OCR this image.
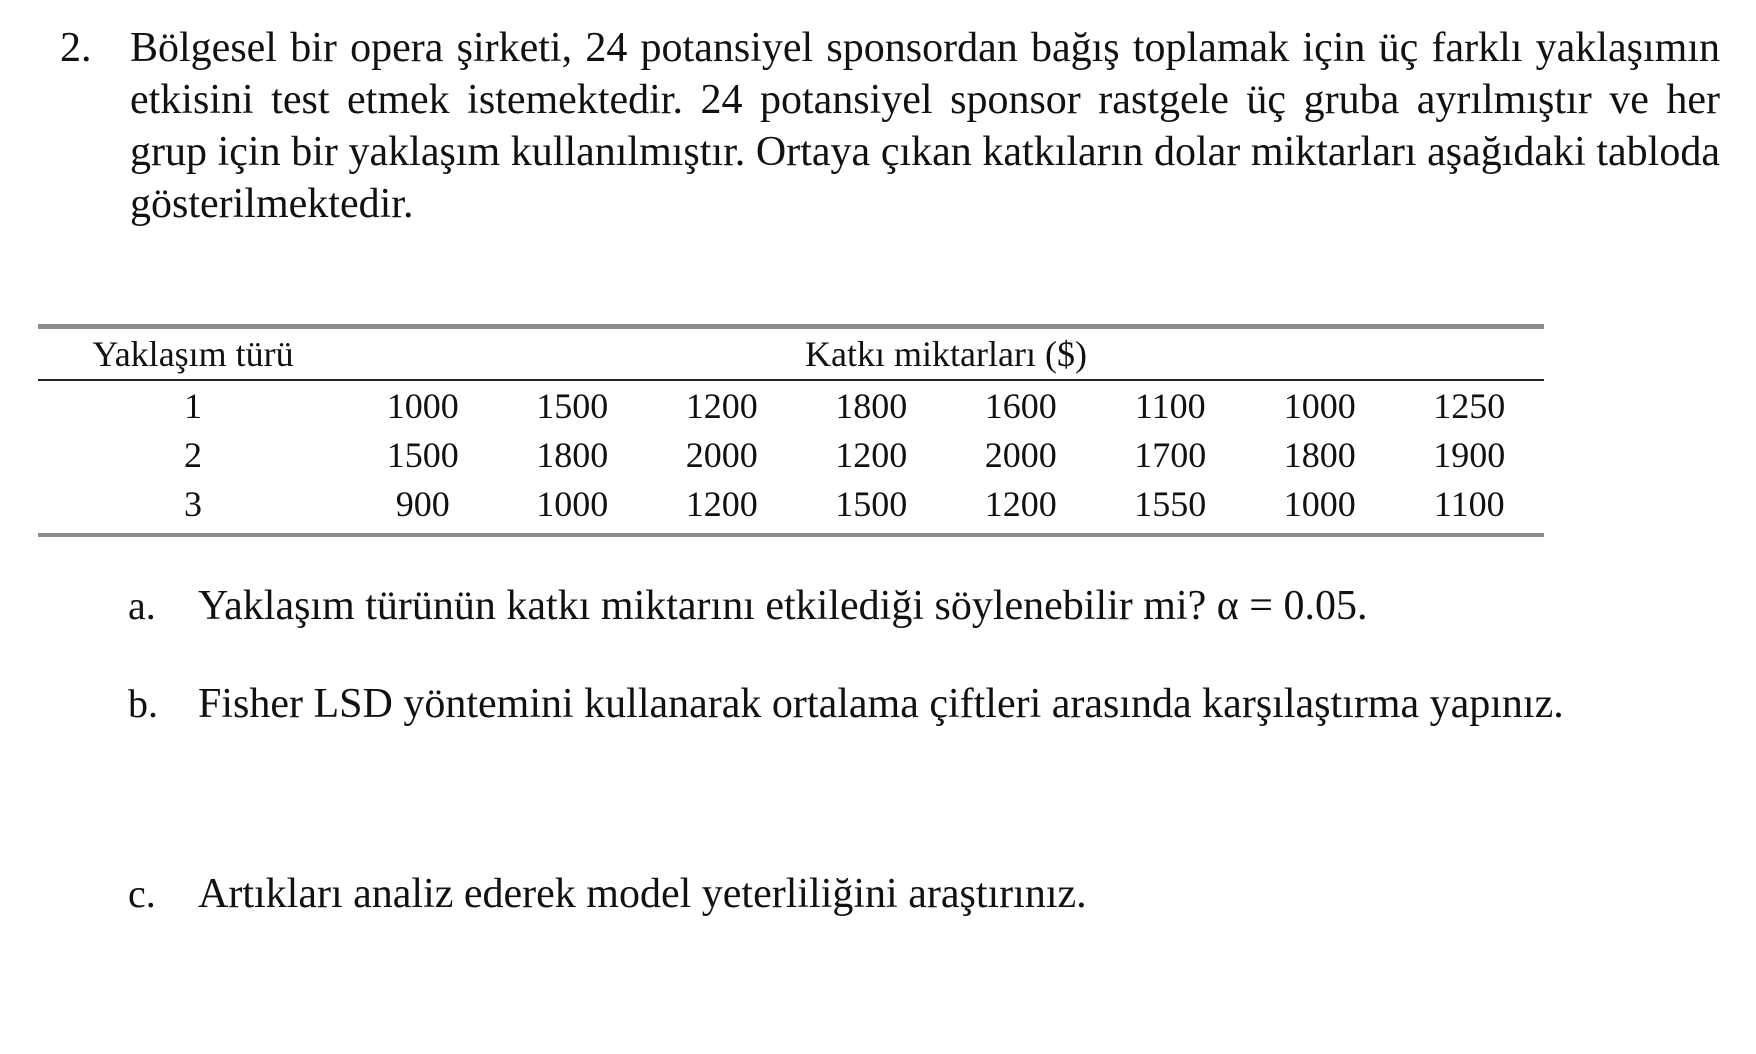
2. Bölgesel bir opera şirketi, 24 potansiyel sponsordan bağış toplamak için üç farklı yaklaşımın etkisini test etmek istemektedir. 24 potansiyel sponsor rastgele üç gruba ayrılmıştır ve her grup için bir yaklaşım kullanılmıştır. Ortaya çıkan katkıların dolar miktarları aşağıdaki tabloda gösterilmektedir.
Yaklaşım türü	Katkı miktarları ($)
1	1000	1500	1200	1800	1600	1100	1000	1250
2	1500	1800	2000	1200	2000	1700	1800	1900
3	900	1000	1200	1500	1200	1550	1000	1100
a. Yaklaşım türünün katkı miktarını etkilediği söylenebilir mi? α = 0.05.
b. Fisher LSD yöntemini kullanarak ortalama çiftleri arasında karşılaştırma yapınız.
c. Artıkları analiz ederek model yeterliliğini araştırınız.
